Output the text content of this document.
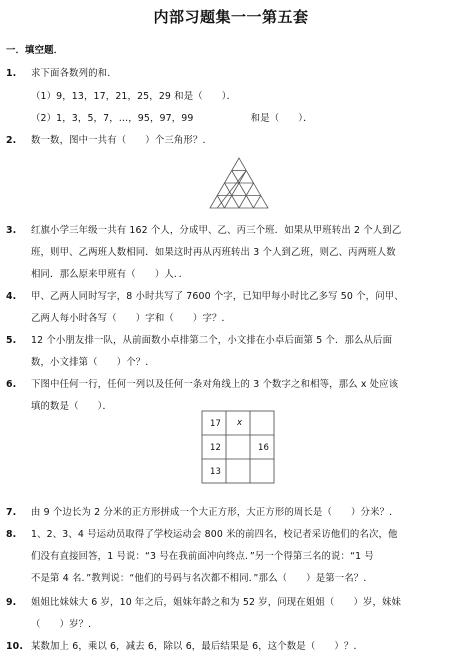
内部习题集一一第五套
一．填空题．
1. 求下面各数列的和．
（1）9，13，17，21，25，29 和是（　　）．
（2）1，3，5，7，…，95，97，99　　　　　　和是（　　）．
2. 数一数，图中一共有（　　）个三角形？．
3. 红旗小学三年级一共有 162 个人，分成甲、乙、丙三个班．如果从甲班转出 2 个人到乙
班，则甲、乙两班人数相同．如果这时再从丙班转出 3 个人到乙班，则乙、丙两班人数
相同．那么原来甲班有（　　）人．．
4. 甲、乙两人同时写字，8 小时共写了 7600 个字，已知甲每小时比乙多写 50 个，问甲、
乙两人每小时各写（　　）字和（　　）字？．
5. 12 个小朋友排一队，从前面数小卓排第二个，小文排在小卓后面第 5 个．那么从后面
数，小文排第（　　）个？．
6. 下图中任何一行，任何一列以及任何一条对角线上的 3 个数字之和相等，那么 x 处应该
填的数是（　　）．
17 x
12	16
13
7. 由 9 个边长为 2 分米的正方形拼成一个大正方形，大正方形的周长是（　　）分米？．
8. 1、2、3、4 号运动员取得了学校运动会 800 米的前四名，校记者采访他们的名次，他
们没有直接回答，1 号说：“3 号在我前面冲向终点．”另一个得第三名的说：“1 号
不是第 4 名．”教判说：“他们的号码与名次都不相同．”那么（　　）是第一名？．
9. 姐姐比妹妹大 6 岁，10 年之后，姐妹年龄之和为 52 岁，问现在姐姐（　　）岁，妹妹
（　　）岁？．
10. 某数加上 6，乘以 6，减去 6，除以 6，最后结果是 6，这个数是（　　）？．
